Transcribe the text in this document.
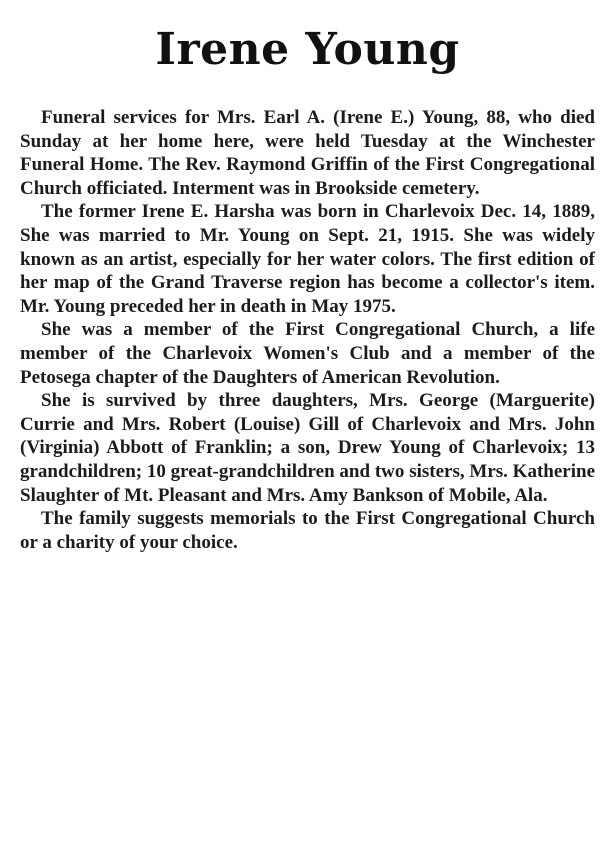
Irene Young

Funeral services for Mrs. Earl A. (Irene E.) Young, 88, who died Sunday at her home here, were held Tuesday at the Winchester Funeral Home. The Rev. Raymond Griffin of the First Congregational Church officiated. Interment was in Brookside cemetery.

The former Irene E. Harsha was born in Charlevoix Dec. 14, 1889, She was married to Mr. Young on Sept. 21, 1915. She was widely known as an artist, especially for her water colors. The first edition of her map of the Grand Traverse region has become a collector's item. Mr. Young preceded her in death in May 1975.

She was a member of the First Congregational Church, a life member of the Charlevoix Women's Club and a member of the Petosega chapter of the Daughters of American Revolution.

She is survived by three daughters, Mrs. George (Marguerite) Currie and Mrs. Robert (Louise) Gill of Charlevoix and Mrs. John (Virginia) Abbott of Franklin; a son, Drew Young of Charlevoix; 13 grandchildren; 10 great-grandchildren and two sisters, Mrs. Katherine Slaughter of Mt. Pleasant and Mrs. Amy Bankson of Mobile, Ala.

The family suggests memorials to the First Congregational Church or a charity of your choice.
